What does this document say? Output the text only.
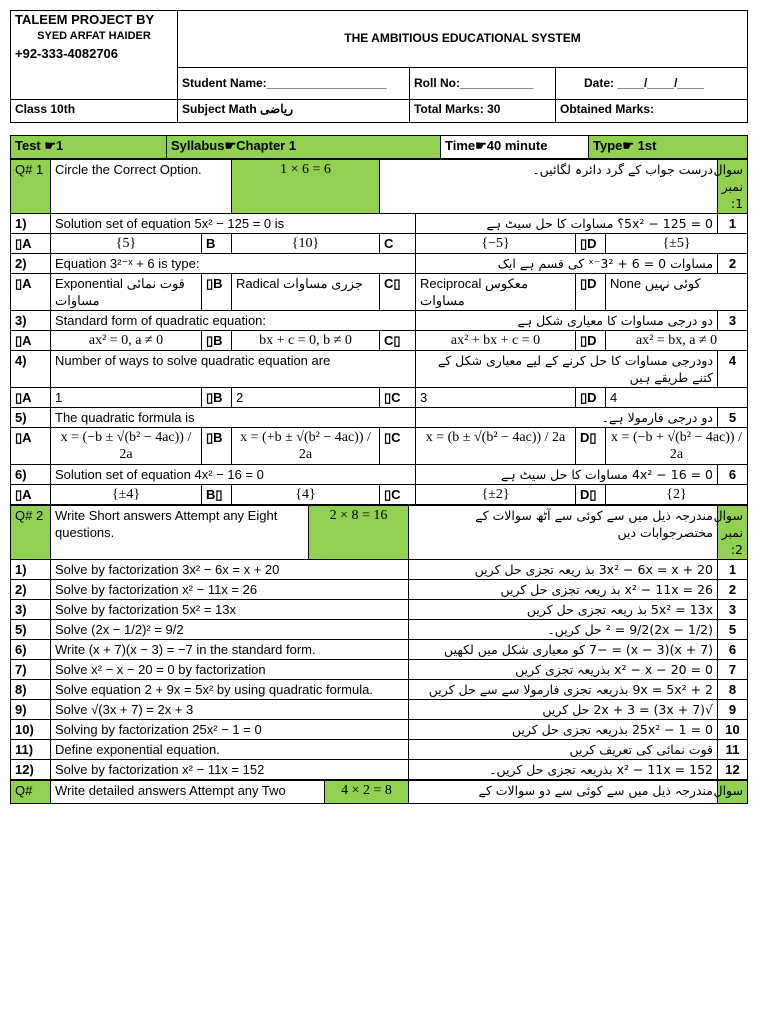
TALEEM PROJECT BY
SYED ARFAT HAIDER
+92-333-4082706	THE AMBITIOUS EDUCATIONAL SYSTEM		

	Student Name:__________________	Roll No:___________	Date: ____/____/____
Class 10th	Subject Math ریاضی	Total Marks: 30	Obtained Marks:
Test ☛1	Syllabus☛Chapter 1	Time☛40 minute	Type☛ 1st
Q# 1	Circle the Correct Option.		1 × 6 = 6	درست جواب کے گرد دائرہ لگائیں۔				سوال نمبر 1:
1)	Solution set of equation 5x² − 125 = 0 is				5x² − 125 = 0؟ مساوات کا حل سیٹ ہے			1
▯A	{5}	B	{10}	C	{−5}	▯D	{±5}	
2)	Equation 3²⁻ˣ + 6 is type:				مساوات 0 = 6 + 3²⁻ˣ کی قسم ہے ایک			2
▯A	Exponential قوت نمائی مساوات	▯B	Radical جزری مساوات	C▯	Reciprocal معکوس مساوات	▯D	None کوئی نہیں	
3)	Standard form of quadratic equation:				دو درجی مساوات کا معیاری شکل ہے			3
▯A	ax² = 0, a ≠ 0	▯B	bx + c = 0, b ≠ 0	C▯	ax² + bx + c = 0	▯D	ax² = bx, a ≠ 0	
4)	Number of ways to solve quadratic equation are				دودرجی مساوات کا حل کرنے کے لیے معیاری شکل کے کتنے طریقے ہیں			4
▯A	1	▯B	2	▯C	3	▯D	4	
5)	The quadratic formula is				دو درجی فارمولا ہے۔			5
▯A	x = (−b ± √(b² − 4ac)) / 2a	▯B	x = (+b ± √(b² − 4ac)) / 2a	▯C	x = (b ± √(b² − 4ac)) / 2a	D▯	x = (−b + √(b² − 4ac)) / 2a	
6)	Solution set of equation 4x² − 16 = 0				4x² − 16 = 0 مساوات کا حل سیٹ ہے			6
▯A	{±4}	B▯	{4}	▯C	{±2}	D▯	{2}	
Q# 2	Write Short answers Attempt any Eight questions.	2 × 8 = 16	مندرجہ ذیل میں سے کوئی سے آٹھ سوالات کے مختصرجوابات دیں	سوال نمبر 2:
1)	Solve by factorization 3x² − 6x = x + 20		3x² − 6x = x + 20 بذ ریعہ تجزی حل کریں	1
2)	Solve by factorization x² − 11x = 26		x² − 11x = 26 بذ ریعہ تجزی حل کریں	2
3)	Solve by factorization 5x² = 13x		5x² = 13x بذ ریعہ تجزی حل کریں	3
5)	Solve (2x − 1/2)² = 9/2		(2x − 1/2)² = 9/2 حل کریں۔	5
6)	Write (x + 7)(x − 3) = −7 in the standard form.		(x + 7)(x − 3) = −7 کو معیاری شکل میں لکھیں	6
7)	Solve x² − x − 20 = 0 by factorization		x² − x − 20 = 0 بذریعہ تجزی کریں	7
8)	Solve equation 2 + 9x = 5x² by using quadratic formula.		2 + 9x = 5x² بذریعہ تجزی فارمولا سے سے حل کریں	8
9)	Solve √(3x + 7) = 2x + 3		√(3x + 7) = 2x + 3 حل کریں	9
10)	Solving by factorization 25x² − 1 = 0		25x² − 1 = 0 بذریعہ تجزی حل کریں	10
11)	Define exponential equation.		قوت نمائی کی تعریف کریں	11
12)	Solve by factorization x² − 11x = 152		x² − 11x = 152 بذریعہ تجزی حل کریں۔	12
Q#	Write detailed answers Attempt any Two	4 × 2 = 8	مندرجہ ذیل میں سے کوئی سے دو سوالات کے	سوال
